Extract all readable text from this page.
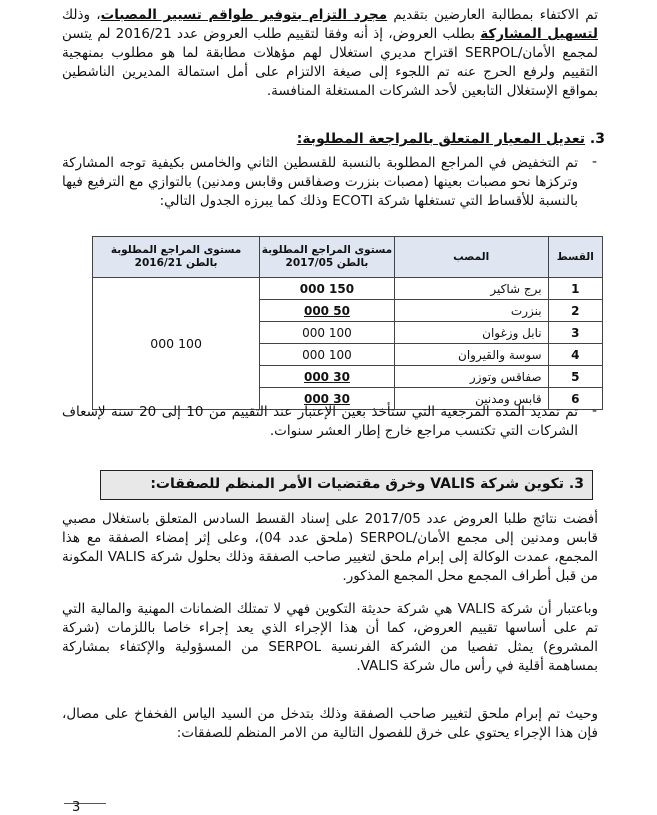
تم الاكتفاء بمطالبة العارضين بتقديم مجرد التزام بتوفير طواقم تسيير المصبات، وذلك لتسهيل المشاركة بطلب العروض، إذ أنه وفقا لتقييم طلب العروض عدد 2016/21 لم يتسن لمجمع الأمان/SERPOL اقتراح مديري استغلال لهم مؤهلات مطابقة لما هو مطلوب بمنهجية التقييم ولرفع الحرج عنه تم اللجوء إلى صيغة الالتزام على أمل استمالة المديرين الناشطين بمواقع الإستغلال التابعين لأحد الشركات المستغلة المنافسة.
3. تعديل المعيار المتعلق بالمراجعة المطلوبة:
-
تم التخفيض في المراجع المطلوبة بالنسبة للقسطين الثاني والخامس بكيفية توجه المشاركة وتركزها نحو مصبات بعينها (مصبات بنزرت وصفاقس وقابس ومدنين) بالتوازي مع الترفيع فيها بالنسبة للأقساط التي تستغلها شركة ECOTI وذلك كما يبرزه الجدول التالي:
القسط	المصب	مستوى المراجع المطلوبة بالطن 2017/05	مستوى المراجع المطلوبة بالطن 2016/21
1	برج شاكير	150 000	100 000
2	بنزرت	50 000	
3	نابل وزغوان	100 000	
4	سوسة والقيروان	100 000	
5	صفاقس وتوزر	30 000	
6	قابس ومدنين	30 000	
-
تم تمديد المدة المرجعية التي ستأخذ بعين الإعتبار عند التقييم من 10 إلى 20 سنة لإسعاف الشركات التي تكتسب مراجع خارج إطار العشر سنوات.
3. تكوين شركة VALIS وخرق مقتضيات الأمر المنظم للصفقات:
أفضت نتائج طلبا العروض عدد 2017/05 على إسناد القسط السادس المتعلق باستغلال مصبي قابس ومدنين إلى مجمع الأمان/SERPOL (ملحق عدد 04)، وعلى إثر إمضاء الصفقة مع هذا المجمع، عمدت الوكالة إلى إبرام ملحق لتغيير صاحب الصفقة وذلك بحلول شركة VALIS المكونة من قبل أطراف المجمع محل المجمع المذكور.
وباعتبار أن شركة VALIS هي شركة حديثة التكوين فهي لا تمتلك الضمانات المهنية والمالية التي تم على أساسها تقييم العروض، كما أن هذا الإجراء الذي يعد إجراء خاصا باللزمات (شركة المشروع) يمثل تفصيا من الشركة الفرنسية SERPOL من المسؤولية والإكتفاء بمشاركة بمساهمة أقلية في رأس مال شركة VALIS.
وحيث تم إبرام ملحق لتغيير صاحب الصفقة وذلك بتدخل من السيد الياس الفخفاخ على مصال، فإن هذا الإجراء يحتوي على خرق للفصول التالية من الامر المنظم للصفقات:
3
